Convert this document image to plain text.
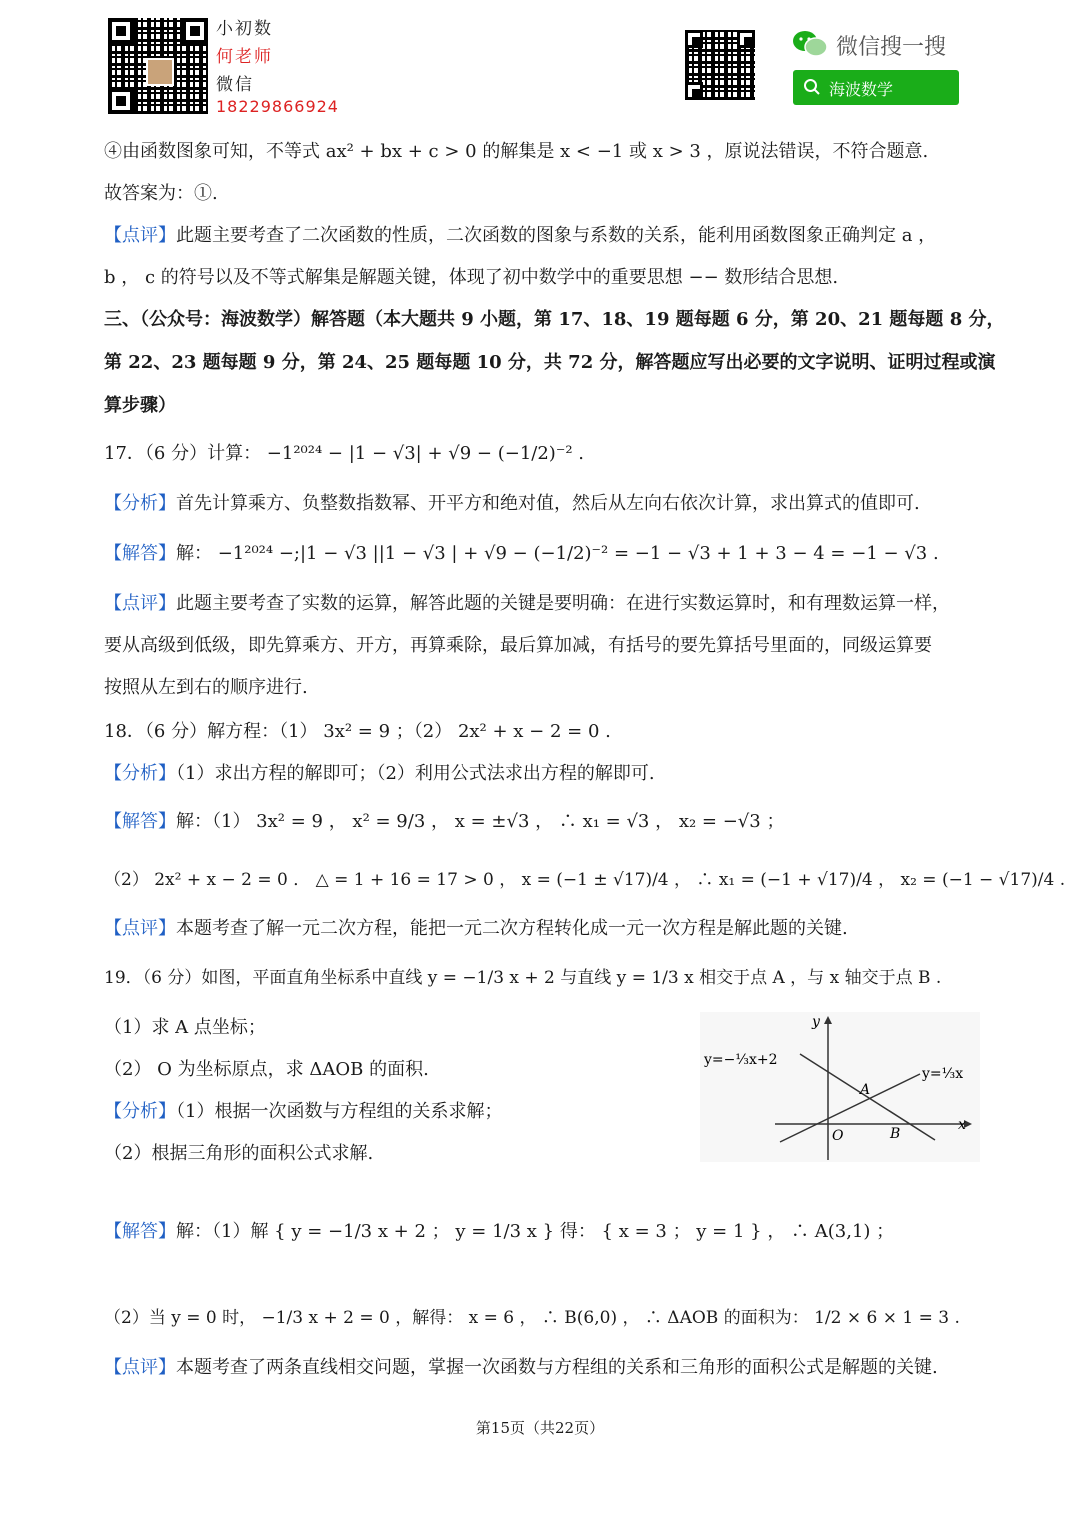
小初数
何老师
微信
18229866924
微信搜一搜
海波数学
④由函数图象可知，不等式 ax² + bx + c > 0 的解集是 x < −1 或 x > 3 ，原说法错误，不符合题意.
故答案为：①.
【点评】此题主要考查了二次函数的性质，二次函数的图象与系数的关系，能利用函数图象正确判定 a ，
b ， c 的符号以及不等式解集是解题关键，体现了初中数学中的重要思想 −− 数形结合思想.
三、（公众号：海波数学）解答题（本大题共 9 小题，第 17、18、19 题每题 6 分，第 20、21 题每题 8 分，
第 22、23 题每题 9 分，第 24、25 题每题 10 分，共 72 分，解答题应写出必要的文字说明、证明过程或演
算步骤）
17．（6 分）计算： −1²⁰²⁴ − |1 − √3| + √9 − (−1/2)⁻² .
【分析】首先计算乘方、负整数指数幂、开平方和绝对值，然后从左向右依次计算，求出算式的值即可.
【解答】解： −1²⁰²⁴ −;|1 − √3 ||1 − √3 | + √9 − (−1/2)⁻² = −1 − √3 + 1 + 3 − 4 = −1 − √3 .
【点评】此题主要考查了实数的运算，解答此题的关键是要明确：在进行实数运算时，和有理数运算一样，
要从高级到低级，即先算乘方、开方，再算乘除，最后算加减，有括号的要先算括号里面的，同级运算要
按照从左到右的顺序进行.
18．（6 分）解方程：（1） 3x² = 9 ；（2） 2x² + x − 2 = 0 .
【分析】（1）求出方程的解即可；（2）利用公式法求出方程的解即可.
【解答】解：（1） 3x² = 9 ， x² = 9/3 ， x = ±√3 ， ∴ x₁ = √3 ， x₂ = −√3 ；
（2） 2x² + x − 2 = 0 ． △ = 1 + 16 = 17 > 0 ， x = (−1 ± √17)/4 ， ∴ x₁ = (−1 + √17)/4 ， x₂ = (−1 − √17)/4 .
【点评】本题考查了解一元二次方程，能把一元二次方程转化成一元一次方程是解此题的关键.
19．（6 分）如图，平面直角坐标系中直线 y = −1/3 x + 2 与直线 y = 1/3 x 相交于点 A ，与 x 轴交于点 B .
（1）求 A 点坐标；
（2） O 为坐标原点，求 ΔAOB 的面积.
【分析】（1）根据一次函数与方程组的关系求解；
（2）根据三角形的面积公式求解.
【解答】解：（1）解 { y = −1/3 x + 2 ； y = 1/3 x } 得： { x = 3 ； y = 1 } ， ∴ A(3,1) ；
（2）当 y = 0 时， −1/3 x + 2 = 0 ，解得： x = 6 ， ∴ B(6,0) ， ∴ ΔAOB 的面积为： 1/2 × 6 × 1 = 3 .
【点评】本题考查了两条直线相交问题，掌握一次函数与方程组的关系和三角形的面积公式是解题的关键.
y
x
O
A
B
y=−⅓x+2
y=⅓x
第15页（共22页）
